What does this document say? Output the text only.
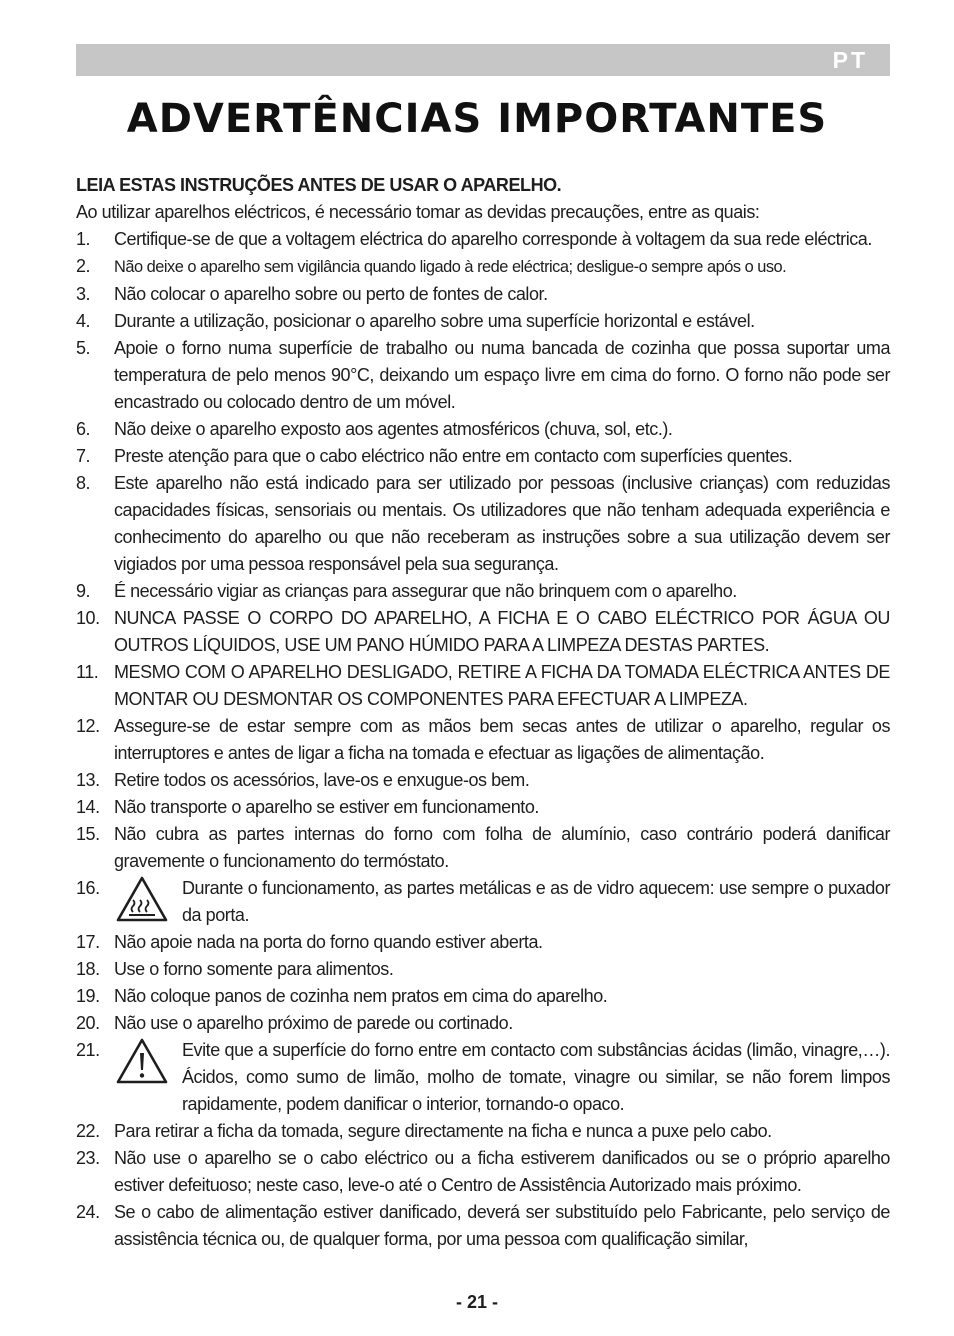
PT
ADVERTÊNCIAS IMPORTANTES

LEIA ESTAS INSTRUÇÕES ANTES DE USAR O APARELHO.

Ao utilizar aparelhos eléctricos, é necessário tomar as devidas precauções, entre as quais:

1. Certifique-se de que a voltagem eléctrica do aparelho corresponde à voltagem da sua rede eléctrica.
2. Não deixe o aparelho sem vigilância quando ligado à rede eléctrica; desligue-o sempre após o uso.
3. Não colocar o aparelho sobre ou perto de fontes de calor.
4. Durante a utilização, posicionar o aparelho sobre uma superfície horizontal e estável.
5. Apoie o forno numa superfície de trabalho ou numa bancada de cozinha que possa suportar uma temperatura de pelo menos 90°C, deixando um espaço livre em cima do forno. O forno não pode ser encastrado ou colocado dentro de um móvel.
6. Não deixe o aparelho exposto aos agentes atmosféricos (chuva, sol, etc.).
7. Preste atenção para que o cabo eléctrico não entre em contacto com superfícies quentes.
8. Este aparelho não está indicado para ser utilizado por pessoas (inclusive crianças) com reduzidas capacidades físicas, sensoriais ou mentais. Os utilizadores que não tenham adequada experiência e conhecimento do aparelho ou que não receberam as instruções sobre a sua utilização devem ser vigiados por uma pessoa responsável pela sua segurança.
9. É necessário vigiar as crianças para assegurar que não brinquem com o aparelho.
10. NUNCA PASSE O CORPO DO APARELHO, A FICHA E O CABO ELÉCTRICO POR ÁGUA OU OUTROS LÍQUIDOS, USE UM PANO HÚMIDO PARA A LIMPEZA DESTAS PARTES.
11. MESMO COM O APARELHO DESLIGADO, RETIRE A FICHA DA TOMADA ELÉCTRICA ANTES DE MONTAR OU DESMONTAR OS COMPONENTES PARA EFECTUAR A LIMPEZA.
12. Assegure-se de estar sempre com as mãos bem secas antes de utilizar o aparelho, regular os interruptores e antes de ligar a ficha na tomada e efectuar as ligações de alimentação.
13. Retire todos os acessórios, lave-os e enxugue-os bem.
14. Não transporte o aparelho se estiver em funcionamento.
15. Não cubra as partes internas do forno com folha de alumínio, caso contrário poderá danificar gravemente o funcionamento do termóstato.
16.	Durante o funcionamento, as partes metálicas e as de vidro aquecem: use sempre o puxador da porta.
17. Não apoie nada na porta do forno quando estiver aberta.
18. Use o forno somente para alimentos.
19. Não coloque panos de cozinha nem pratos em cima do aparelho.
20. Não use o aparelho próximo de parede ou cortinado.
21.	Evite que a superfície do forno entre em contacto com substâncias ácidas (limão, vinagre,…). Ácidos, como sumo de limão, molho de tomate, vinagre ou similar, se não forem limpos rapidamente, podem danificar o interior, tornando-o opaco.
22. Para retirar a ficha da tomada, segure directamente na ficha e nunca a puxe pelo cabo.
23. Não use o aparelho se o cabo eléctrico ou a ficha estiverem danificados ou se o próprio aparelho estiver defeituoso; neste caso, leve-o até o Centro de Assistência Autorizado mais próximo.
24. Se o cabo de alimentação estiver danificado, deverá ser substituído pelo Fabricante, pelo serviço de assistência técnica ou, de qualquer forma, por uma pessoa com qualificação similar,
- 21 -
